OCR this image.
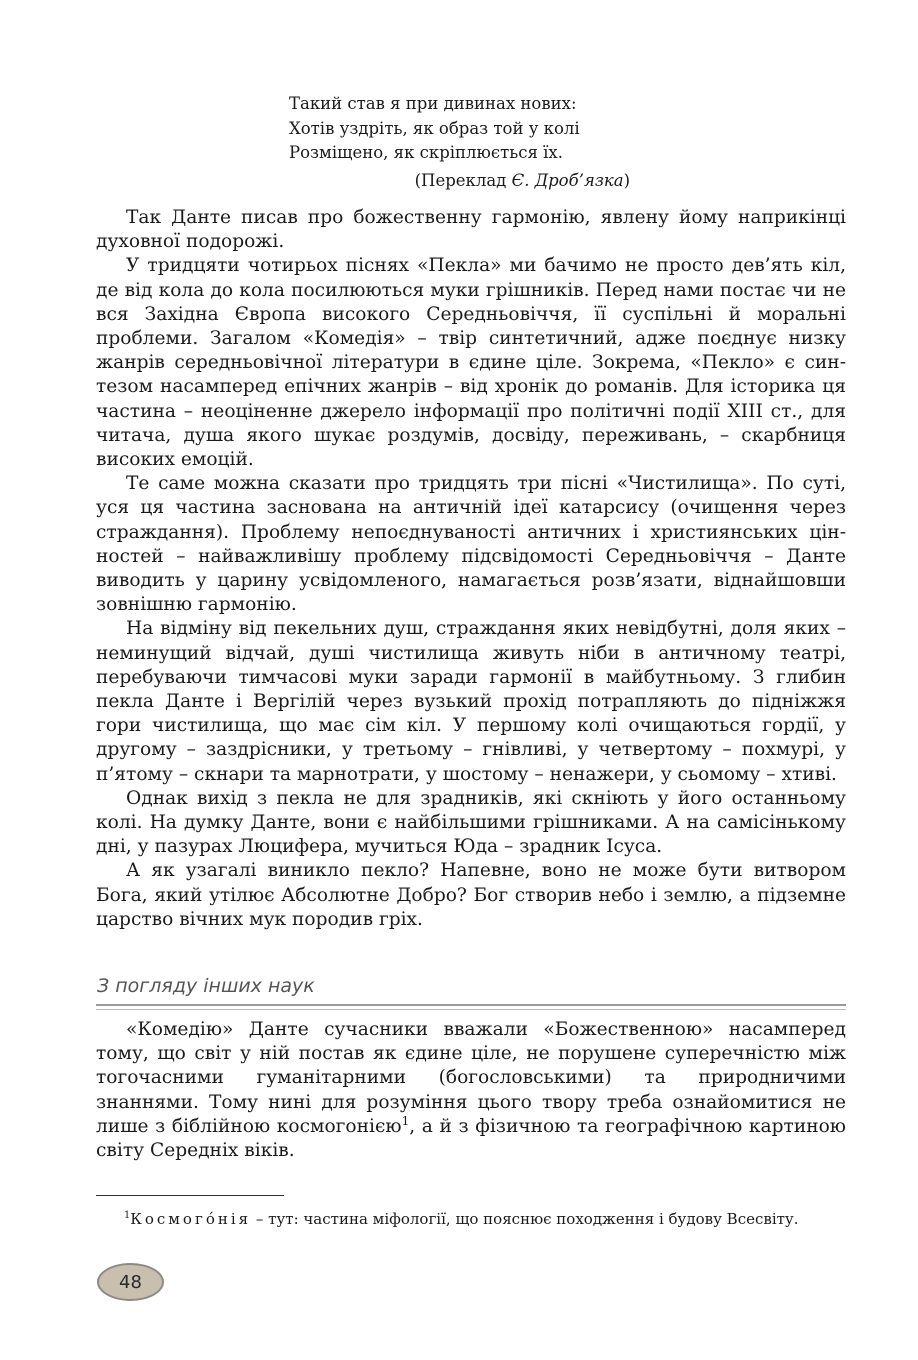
Такий став я при дивинах нових:
Хотів уздріть, як образ той у колі
Розміщено, як скріплюється їх.
(Переклад Є. Дроб’язка)

Так Данте писав про божественну гармонію, явлену йому наприкінці духовної подорожі.

У тридцяти чотирьох піснях «Пекла» ми бачимо не просто дев’ять кіл, де від кола до кола посилюються муки грішників. Перед нами постає чи не вся Західна Європа високого Середньовіччя, її суспільні й моральні проблеми. Загалом «Комедія» – твір синтетичний, адже поєднує низку жанрів середньовічної літератури в єдине ціле. Зокрема, «Пекло» є синтезом насамперед епічних жанрів – від хронік до романів. Для історика ця частина – неоціненне джерело інформації про політичні події XIII ст., для читача, душа якого шукає роздумів, досвіду, переживань, – скарбниця високих емоцій.

Те саме можна сказати про тридцять три пісні «Чистилища». По суті, уся ця частина заснована на античній ідеї катарсису (очищення через страждання). Проблему непоєднуваності античних і християнських цінностей – найважливішу проблему підсвідомості Середньовіччя – Данте виводить у царину усвідомленого, намагається розв’язати, віднайшовши зовнішню гармонію.

На відміну від пекельних душ, страждання яких невідбутні, доля яких – неминущий відчай, душі чистилища живуть ніби в античному театрі, перебуваючи тимчасові муки заради гармонії в майбутньому. З глибин пекла Данте і Вергілій через вузький прохід потрапляють до підніжжя гори чистилища, що має сім кіл. У першому колі очищаються гордії, у другому – заздрісники, у третьому – гнівливі, у четвертому – похмурі, у п’ятому – скнари та марнотрати, у шостому – ненажери, у сьомому – хтиві.

Однак вихід з пекла не для зрадників, які скніють у його останньому колі. На думку Данте, вони є найбільшими грішниками. А на самісінькому дні, у пазурах Люцифера, мучиться Юда – зрадник Ісуса.

А як узагалі виникло пекло? Напевне, воно не може бути витвором Бога, який утілює Абсолютне Добро? Бог створив небо і землю, а підземне царство вічних мук породив гріх.

З погляду інших наук

«Комедію» Данте сучасники вважали «Божественною» насамперед тому, що світ у ній постав як єдине ціле, не порушене суперечністю між тогочасними гуманітарними (богословськими) та природничими знаннями. Тому нині для розуміння цього твору треба ознайомитися не лише з біблійною космогонією$^1$, а й з фізичною та географічною картиною світу Середніх віків.

$^1$Космогóнія – тут: частина міфології, що пояснює походження і будову Всесвіту.
48
